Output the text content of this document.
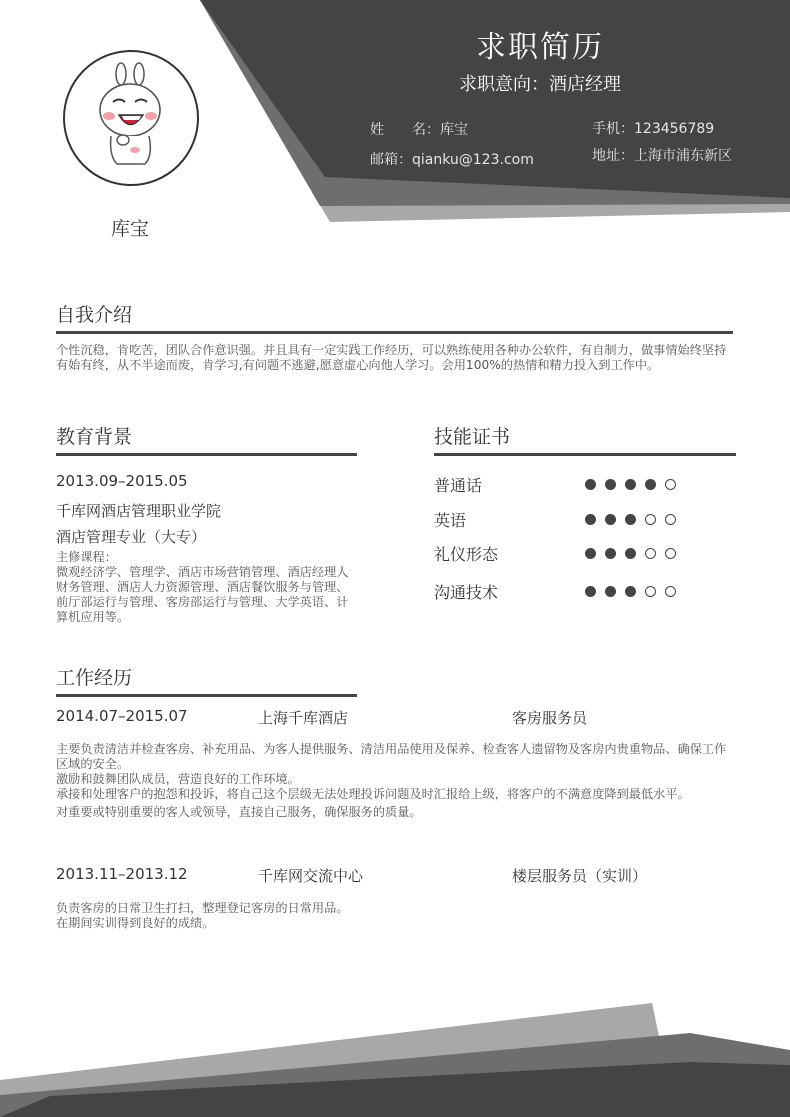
求职简历
求职意向：酒店经理
姓　　名：库宝
邮箱：qianku@123.com
手机：123456789
地址：上海市浦东新区
库宝
自我介绍
个性沉稳，肯吃苦，团队合作意识强。并且具有一定实践工作经历，可以熟练使用各种办公软件，有自制力，做事情始终坚持有始有终，从不半途而废，肯学习,有问题不逃避,愿意虚心向他人学习。会用100%的热情和精力投入到工作中。
教育背景
2013.09–2015.05
千库网酒店管理职业学院
酒店管理专业（大专）
主修课程：
微观经济学、管理学、酒店市场营销管理、酒店经理人财务管理、酒店人力资源管理、酒店餐饮服务与管理、前厅部运行与管理、客房部运行与管理、大学英语、计算机应用等。
技能证书
普通话
英语
礼仪形态
沟通技术
工作经历
2014.07–2015.07	上海千库酒店	客房服务员
主要负责清洁并检查客房、补充用品、为客人提供服务、清洁用品使用及保养、检查客人遗留物及客房内贵重物品、确保工作区域的安全。
激励和鼓舞团队成员，营造良好的工作环境。
承接和处理客户的抱怨和投诉，将自己这个层级无法处理投诉问题及时汇报给上级，将客户的不满意度降到最低水平。
对重要或特别重要的客人或领导，直接自己服务，确保服务的质量。
2013.11–2013.12	千库网交流中心	楼层服务员（实训）
负责客房的日常卫生打扫，整理登记客房的日常用品。
在期间实训得到良好的成绩。
